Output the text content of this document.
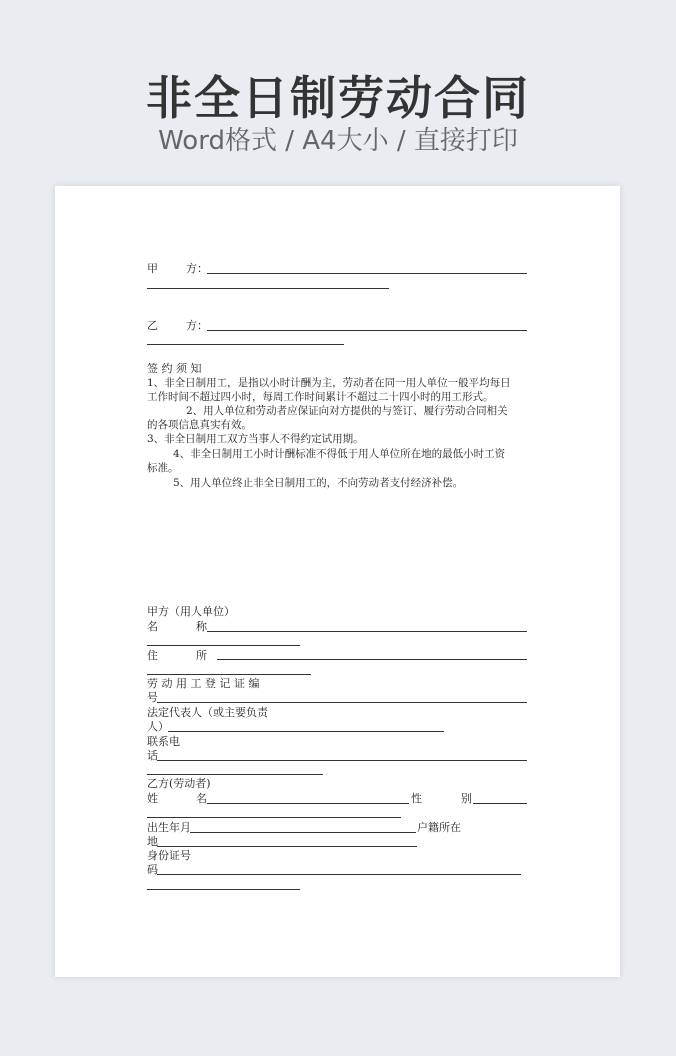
非全日制劳动合同
Word格式 / A4大小 / 直接打印
甲	方：
乙	方：
签 约 须 知
1、非全日制用工，是指以小时计酬为主，劳动者在同一用人单位一般平均每日
工作时间不超过四小时，每周工作时间累计不超过二十四小时的用工形式。
2、用人单位和劳动者应保证向对方提供的与签订、履行劳动合同相关
的各项信息真实有效。
3、非全日制用工双方当事人不得约定试用期。
4、非全日制用工小时计酬标准不得低于用人单位所在地的最低小时工资
标准。
5、用人单位终止非全日制用工的，不向劳动者支付经济补偿。
甲方（用人单位）
名	称
住	所
劳 动 用 工 登 记 证 编
号
法定代表人（或主要负责
人）
联系电
话
乙方(劳动者)
姓	名	性	别
出生年月	户籍所在
地
身份证号
码
